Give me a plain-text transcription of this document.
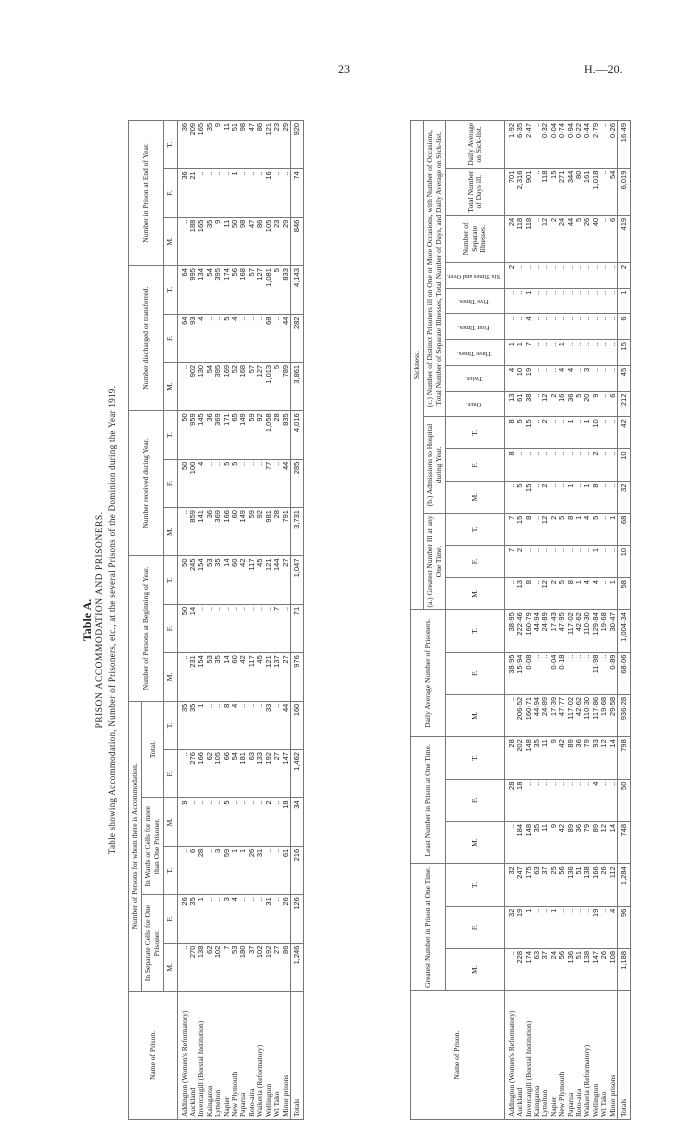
23	H.—20.
Table A. PRISON ACCOMMODATION AND PRISONERS. Table showing Accommodation, Number of Prisoners, etc., at the several Prisons of the Dominion during the Year 1919.
Name of Prison.	Number of Persons for whom there is Accommodation.						Number of Persons at Beginning of Year.			Number received during Year.			Number discharged or transferred.			Number in Prison at End of Year.		
	In Separate Cells for One Prisoner.		In Wards or Cells for more than One Prisoner.		Total.													
	M.	F.	T.	M.	F.	T.	M.	F.	T.	M.	F.	T.	M.	F.	T.	M.	F.	T.
Addington (Women's Reformatory)	..	26	..	9	..	35	..	50	50	..	50	50	..	64	64	..	36	36
Auckland	270	35	6	..	276	35	231	14	245	859	100	959	902	93	995	188	21	209
Invercargill (Borstal Institution)	138	1	28	..	166	1	154	..	154	141	4	145	130	4	134	165	..	165
Kaingaroa	62	..	..	..	62	..	53	..	53	36	..	36	54	..	54	35	..	35
Lyttelton	102	..	3	..	105	..	35	..	35	369	..	369	395	..	395	9	..	9
Napier	7	3	59	5	66	8	14	..	14	166	5	171	169	5	174	11	..	11
New Plymouth	53	4	1	..	54	4	60	..	60	60	5	65	52	4	56	50	1	51
Paparua	180	..	1	..	181	..	42	..	42	149	..	149	168	..	168	98	..	98
Roto-aira	37	..	26	..	63	..	117	..	117	59	..	59	57	..	57	47	..	47
Waikeria (Reformatory)	102	..	31	..	133	..	45	..	45	92	..	92	127	..	127	86	..	86
Wellington	192	31	..	2	192	33	121	..	121	981	77	1,058	1,013	68	1,081	105	16	121
Wi Tako	27	..	..	..	27	..	137	7	144	28	..	28	5	..	5	23	..	23
Minor prisons	86	26	61	18	147	44	27	..	27	791	44	835	789	44	833	29	..	29
Totals	1,246	126	216	34	1,462	160	976	71	1,047	3,731	285	4,016	3,861	282	4,143	846	74	920
Name of Prison.	Greatest Number in Prison at One Time.			Least Number in Prison at One Time.			Daily Average Number of Prisoners.			Sickness.														
										(a.) Greatest Number Ill at any One Time.			(b.) Admissions to Hospital during Year.			(c.) Number of Distinct Prisoners ill on One or More Occasions, with Number of Occasions, Total Number of Separate Illnesses, Total Number of Days, and Daily Average on Sick-list.								
																Once.	Twice.	Three Times.	Four Times.	Five Times.	Six Times and Over.	Number of Separate Illnesses.	Total Number of Days ill.	Daily Average on Sick-list.
	M.	F.	T.	M.	F.	T.	M.	F.	T.	M.	F.	T.	M.	F.	T.									
Addington (Women's Reformatory)	..	32	32	..	28	28	..	38·95	38·95	..	7	7	..	8	8	13	4	1	..	..	2	24	701	1·92
Auckland	228	19	247	184	18	202	206·52	15·94	222·46	13	2	15	5	..	5	61	10	1	..	..	..	118	2,316	6·35
Invercargill (Borstal Institution)	174	1	175	148	..	148	160·71	0·08	160·79	8	..	8	15	..	15	38	19	7	4	1	..	118	901	2·47
Kaingaroa	63	..	63	35	..	35	44·94	..	44·94	..	..	..	..	..	..	..	..	..	..	..	..	..	..	..
Lyttelton	37	..	37	11	..	11	24·89	..	24·89	12	..	12	2	..	2	12	..	..	..	..	..	12	118	0·32
Napier	24	1	25	9	..	9	17·39	0·04	17·43	2	..	2	..	..	..	2	..	..	..	..	..	2	15	0·04
New Plymouth	56	..	56	42	..	42	47·77	0·18	47·95	5	..	5	..	..	..	16	4	1	..	..	..	24	271	0·74
Paparua	136	..	136	89	..	89	117·02	..	117·02	8	..	8	1	..	1	36	4	..	..	..	..	44	344	0·94
Roto-aira	51	..	51	36	..	36	42·62	..	42·62	1	..	1	..	..	..	5	..	..	..	..	..	5	80	0·22
Waikeria (Reformatory)	138	..	138	79	..	79	110·30	..	110·30	4	..	4	1	..	1	20	3	..	..	..	..	26	161	0·44
Wellington	147	19	166	89	4	93	117·86	11·98	129·84	4	1	5	8	2	10	9	..	..	..	..	..	40	1,018	2·79
Wi Tako	26	..	26	12	..	12	19·68	..	19·68	..	..	..	..	..	..	..	..	..	..	..	..	..	..	..
Minor prisons	108	4	112	14	..	14	29·58	0·89	30·47	1	..	1	..	..	..	6	..	..	..	..	..	6	54	0·26
Totals	1,188	96	1,284	748	50	798	936·28	68·06	1,004·34	58	10	68	32	10	42	212	45	15	6	1	2	419	6,019	16·49
